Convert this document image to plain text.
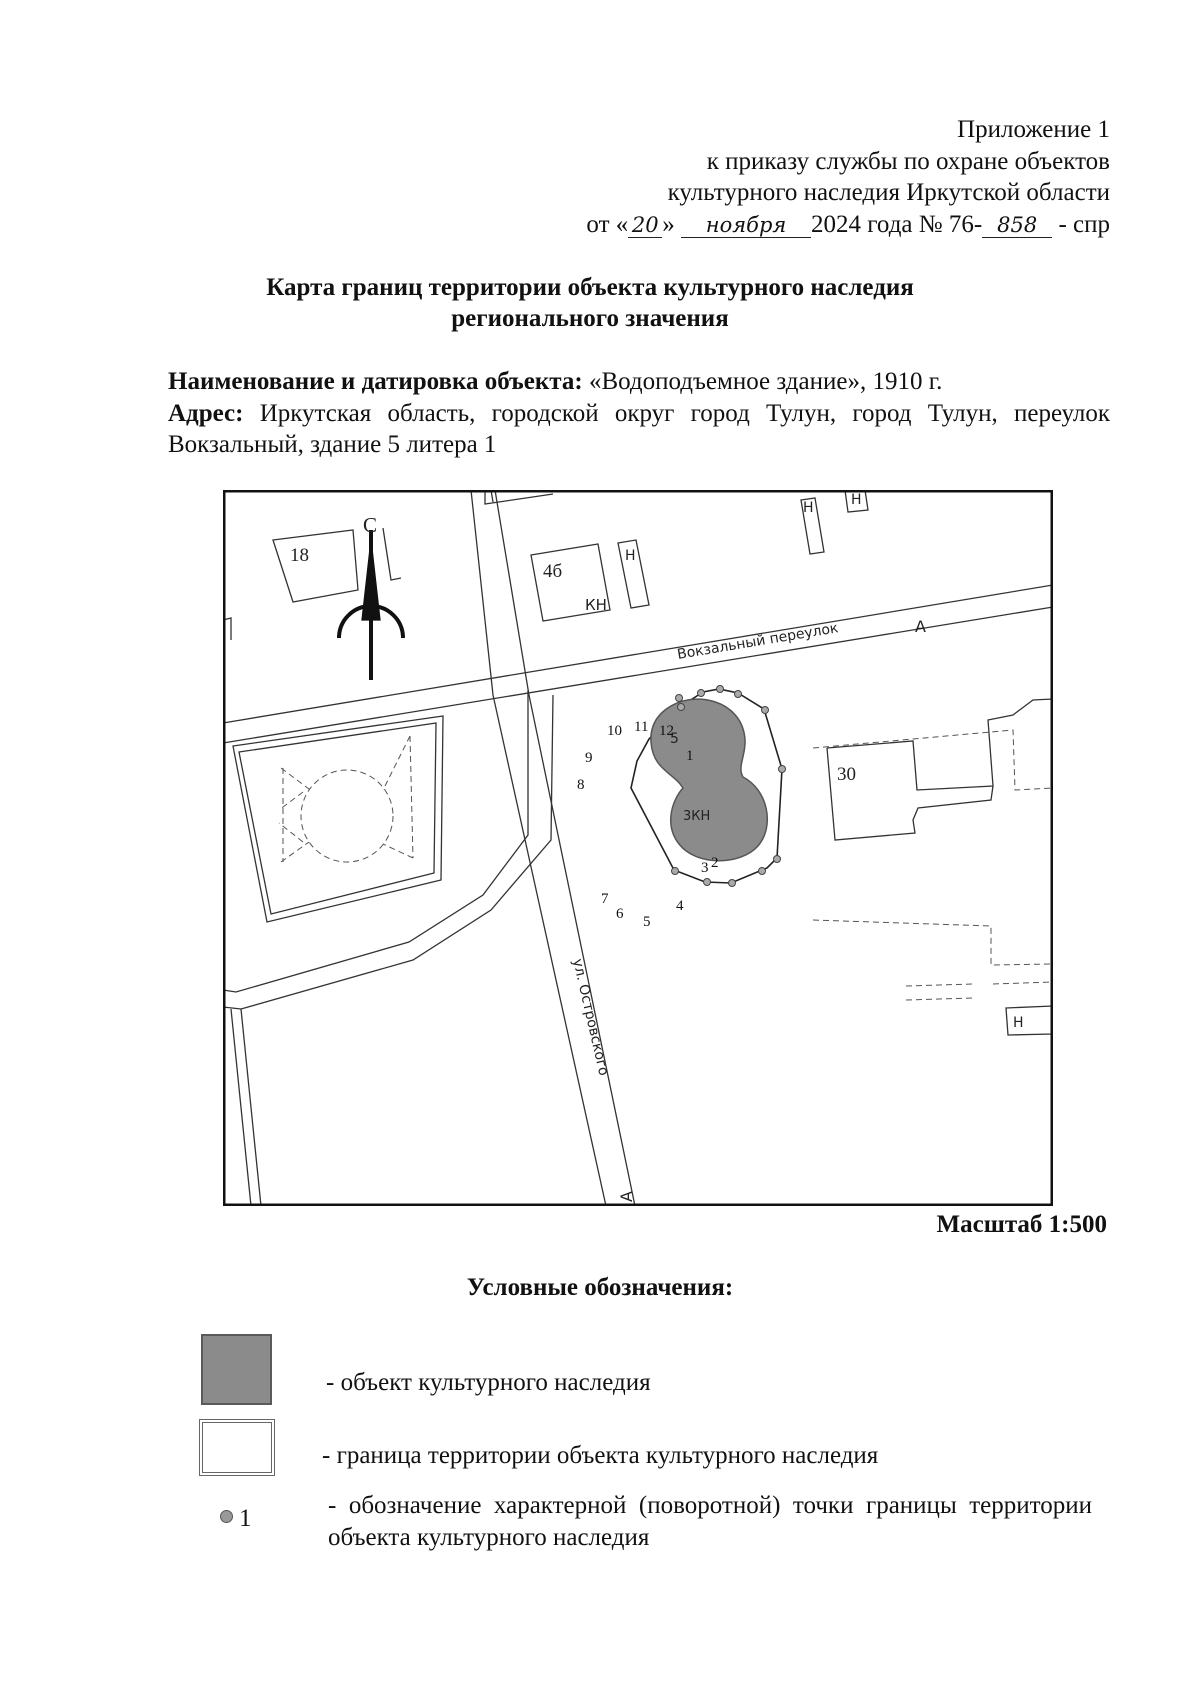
Приложение 1
к приказу службы по охране объектов
культурного наследия Иркутской области
от « 20 » ноября 2024 года № 76- 858 - спр
Карта границ территории объекта культурного наследия
регионального значения
Наименование и датировка объекта: «Водоподъемное здание», 1910 г.
Адрес: Иркутская область, городской округ город Тулун, город Тулун, переулок Вокзальный, здание 5 литера 1
С
18
4б
КН
Н
Н	Н
Н
30
5
3КН
Вокзальный переулок
ул. Островского
А
А
1
2
3
4
5
6
7
8
9
10 11 12
Масштаб 1:500
Условные обозначения:
- объект культурного наследия
- граница территории объекта культурного наследия
1	- обозначение характерной (поворотной) точки границы территории объекта культурного наследия
